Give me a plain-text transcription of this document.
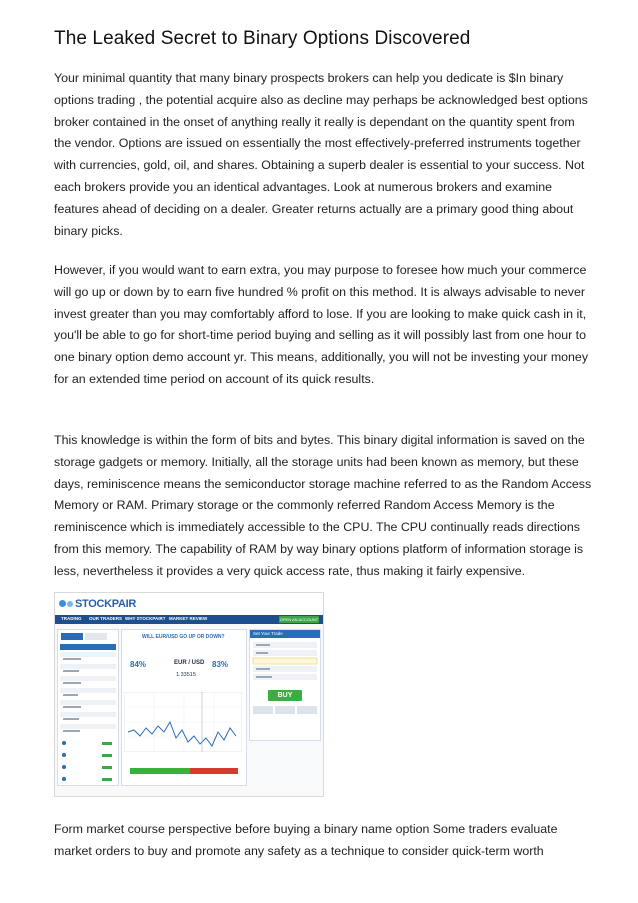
The Leaked Secret to Binary Options Discovered

Your minimal quantity that many binary prospects brokers can help you dedicate is $In binary options trading , the potential acquire also as decline may perhaps be acknowledged best options broker contained in the onset of anything really it really is dependant on the quantity spent from the vendor. Options are issued on essentially the most effectively-preferred instruments together with currencies, gold, oil, and shares. Obtaining a superb dealer is essential to your success. Not each brokers provide you an identical advantages. Look at numerous brokers and examine features ahead of deciding on a dealer. Greater returns actually are a primary good thing about binary picks.

However, if you would want to earn extra, you may purpose to foresee how much your commerce will go up or down by to earn five hundred % profit on this method. It is always advisable to never invest greater than you may comfortably afford to lose. If you are looking to make quick cash in it, you'll be able to go for short-time period buying and selling as it will possibly last from one hour to one binary option demo account yr. This means, additionally, you will not be investing your money for an extended time period on account of its quick results.

This knowledge is within the form of bits and bytes. This binary digital information is saved on the storage gadgets or memory. Initially, all the storage units had been known as memory, but these days, reminiscence means the semiconductor storage machine referred to as the Random Access Memory or RAM. Primary storage or the commonly referred Random Access Memory is the reminiscence which is immediately accessible to the CPU. The CPU continually reads directions from this memory. The capability of RAM by way binary options platform of information storage is less, nevertheless it provides a very quick access rate, thus making it fairly expensive.

STOCKPAIR
TRADING OUR TRADERS WHY STOCKPAIR? MARKET REVIEW	OPEN AN ACCOUNT
WILL EUR/USD GO UP OR DOWN?
84%	EUR / USD
1.33515
83%
Set Your Trade
BUY

Form market course perspective before buying a binary name option Some traders evaluate market orders to buy and promote any safety as a technique to consider quick-term worth
